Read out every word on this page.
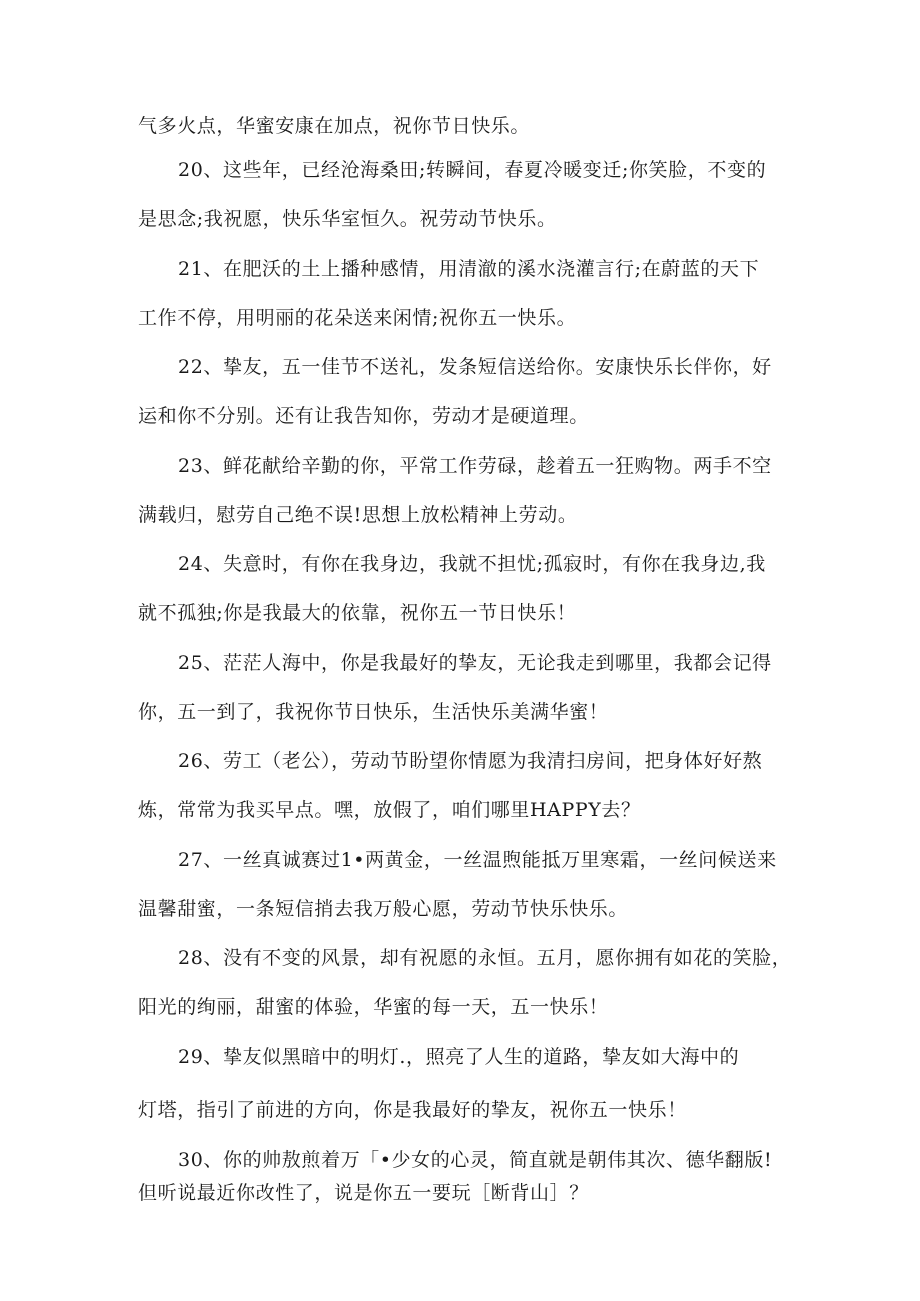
气多火点，华蜜安康在加点，祝你节日快乐。
20、这些年，已经沧海桑田;转瞬间，春夏冷暖变迁;你笑脸，不变的
是思念;我祝愿，快乐华室恒久。祝劳动节快乐。
21、在肥沃的土上播种感情，用清澈的溪水浇灌言行;在蔚蓝的天下
工作不停，用明丽的花朵送来闲情;祝你五一快乐。
22、挚友，五一佳节不送礼，发条短信送给你。安康快乐长伴你，好
运和你不分别。还有让我告知你，劳动才是硬道理。
23、鲜花献给辛勤的你，平常工作劳碌，趁着五一狂购物。两手不空
满载归，慰劳自己绝不误!思想上放松精神上劳动。
24、失意时，有你在我身边，我就不担忧;孤寂时，有你在我身边,我
就不孤独;你是我最大的依靠，祝你五一节日快乐！
25、茫茫人海中，你是我最好的挚友，无论我走到哪里，我都会记得
你，五一到了，我祝你节日快乐，生活快乐美满华蜜！
26、劳工（老公），劳动节盼望你情愿为我清扫房间，把身体好好熬
炼，常常为我买早点。嘿，放假了，咱们哪里HAPPY去？
27、一丝真诚赛过1•两黄金，一丝温煦能抵万里寒霜，一丝问候送来
温馨甜蜜，一条短信捎去我万般心愿，劳动节快乐快乐。
28、没有不变的风景，却有祝愿的永恒。五月，愿你拥有如花的笑脸，
阳光的绚丽，甜蜜的体验，华蜜的每一天，五一快乐！
29、挚友似黑暗中的明灯.，照亮了人生的道路，挚友如大海中的
灯塔，指引了前进的方向，你是我最好的挚友，祝你五一快乐！
30、你的帅敖煎着万「•少女的心灵，简直就是朝伟其次、德华翻版!
但听说最近你改性了，说是你五一要玩［断背山］？
